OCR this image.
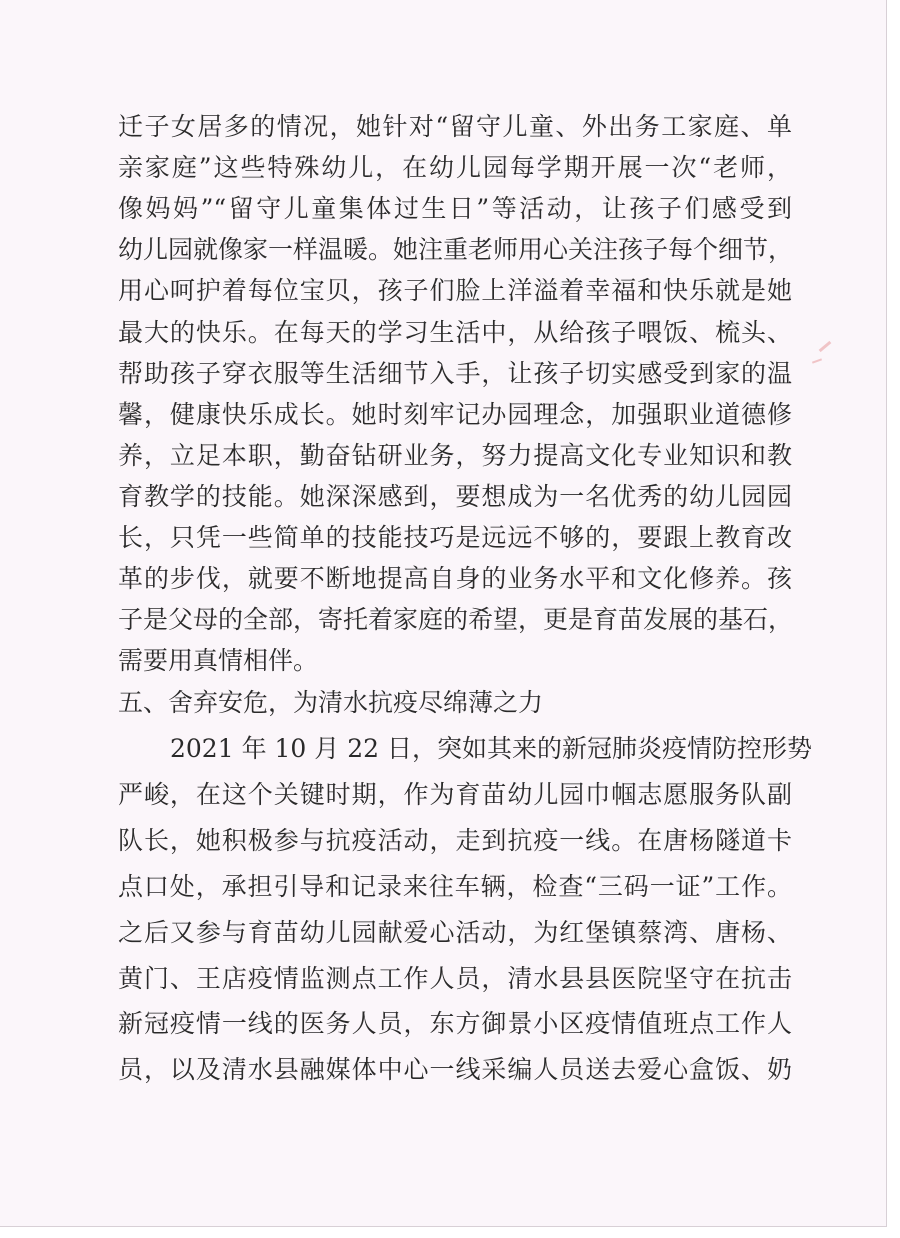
迁子女居多的情况，她针对“留守儿童、外出务工家庭、单
亲家庭”这些特殊幼儿，在幼儿园每学期开展一次“老师，
像妈妈”“留守儿童集体过生日”等活动，让孩子们感受到
幼儿园就像家一样温暖。她注重老师用心关注孩子每个细节，
用心呵护着每位宝贝，孩子们脸上洋溢着幸福和快乐就是她
最大的快乐。在每天的学习生活中，从给孩子喂饭、梳头、
帮助孩子穿衣服等生活细节入手，让孩子切实感受到家的温
馨，健康快乐成长。她时刻牢记办园理念，加强职业道德修
养，立足本职，勤奋钻研业务，努力提高文化专业知识和教
育教学的技能。她深深感到，要想成为一名优秀的幼儿园园
长，只凭一些简单的技能技巧是远远不够的，要跟上教育改
革的步伐，就要不断地提高自身的业务水平和文化修养。孩
子是父母的全部，寄托着家庭的希望，更是育苗发展的基石，
需要用真情相伴。
五、舍弃安危，为清水抗疫尽绵薄之力
2021 年 10 月 22 日，突如其来的新冠肺炎疫情防控形势
严峻，在这个关键时期，作为育苗幼儿园巾帼志愿服务队副
队长，她积极参与抗疫活动，走到抗疫一线。在唐杨隧道卡
点口处，承担引导和记录来往车辆，检查“三码一证”工作。
之后又参与育苗幼儿园献爱心活动，为红堡镇蔡湾、唐杨、
黄门、王店疫情监测点工作人员，清水县县医院坚守在抗击
新冠疫情一线的医务人员，东方御景小区疫情值班点工作人
员，以及清水县融媒体中心一线采编人员送去爱心盒饭、奶
